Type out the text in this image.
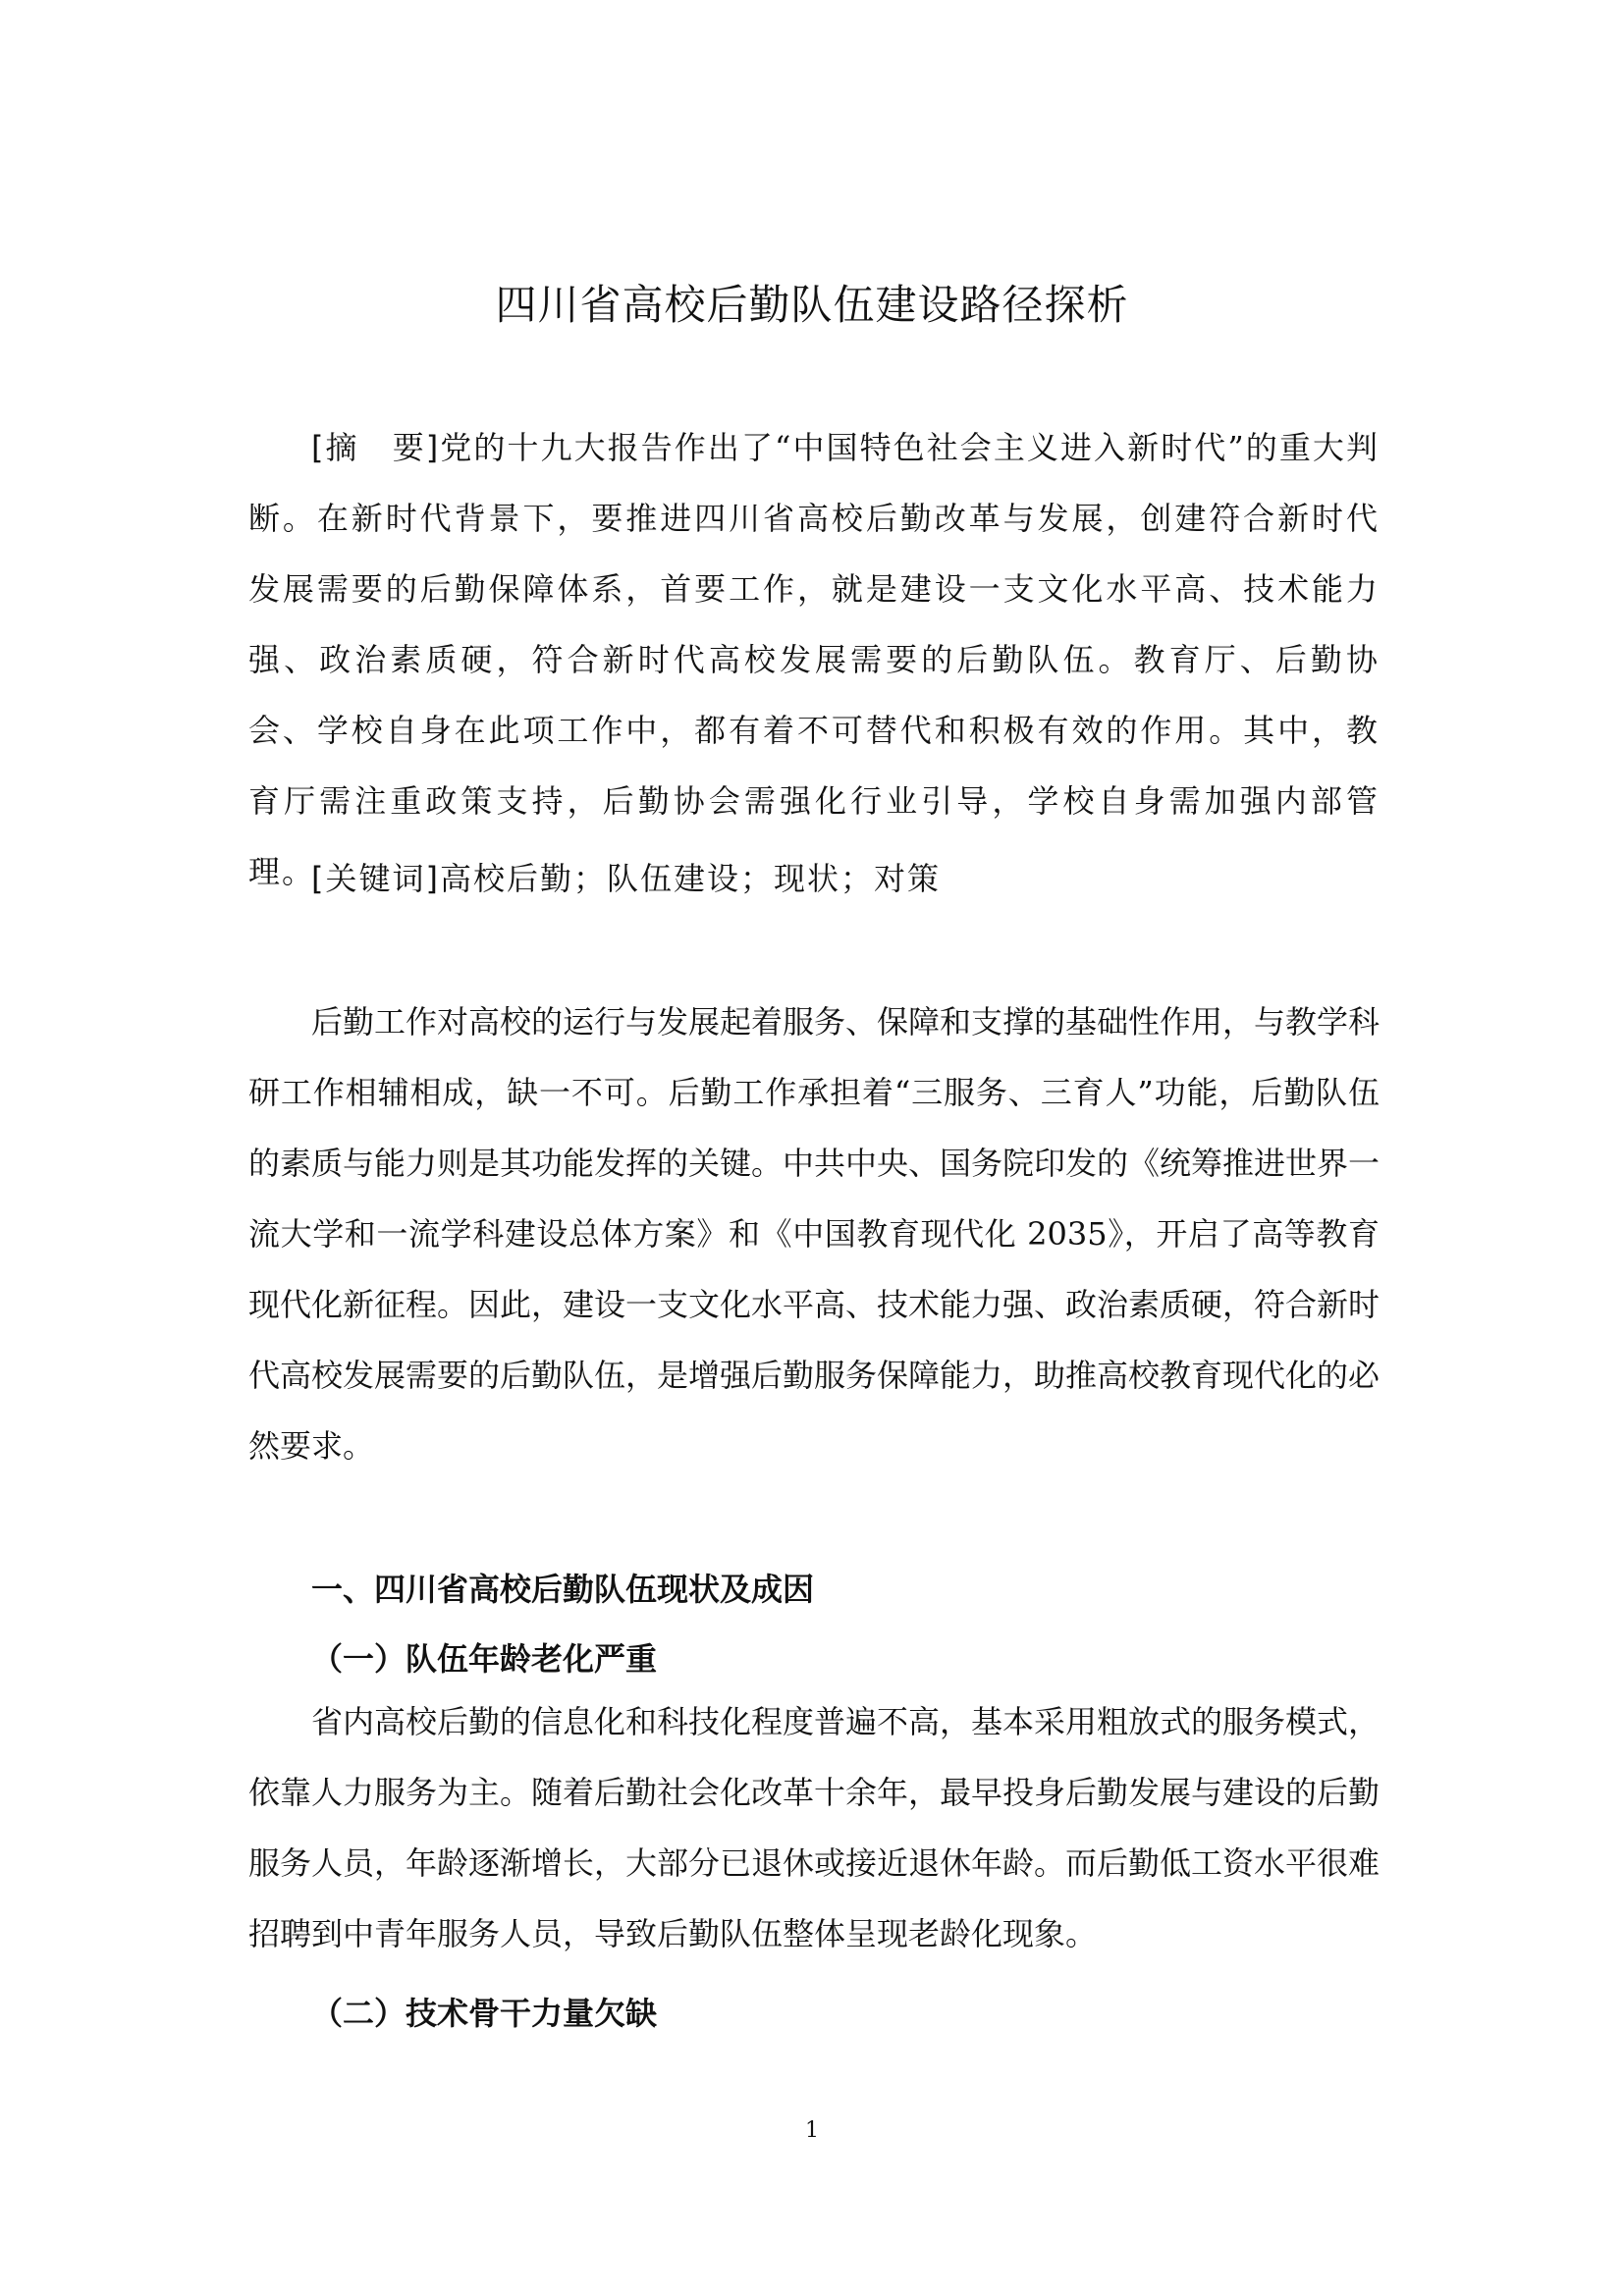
四川省高校后勤队伍建设路径探析

[摘　要]党的十九大报告作出了“中国特色社会主义进入新时代”的重大判断。在新时代背景下，要推进四川省高校后勤改革与发展，创建符合新时代发展需要的后勤保障体系，首要工作，就是建设一支文化水平高、技术能力强、政治素质硬，符合新时代高校发展需要的后勤队伍。教育厅、后勤协会、学校自身在此项工作中，都有着不可替代和积极有效的作用。其中，教育厅需注重政策支持，后勤协会需强化行业引导，学校自身需加强内部管理。

[关键词]高校后勤；队伍建设；现状；对策

后勤工作对高校的运行与发展起着服务、保障和支撑的基础性作用，与教学科研工作相辅相成，缺一不可。后勤工作承担着“三服务、三育人”功能，后勤队伍的素质与能力则是其功能发挥的关键。中共中央、国务院印发的《统筹推进世界一流大学和一流学科建设总体方案》和《中国教育现代化 2035》，开启了高等教育现代化新征程。因此，建设一支文化水平高、技术能力强、政治素质硬，符合新时代高校发展需要的后勤队伍，是增强后勤服务保障能力，助推高校教育现代化的必然要求。

一、四川省高校后勤队伍现状及成因
（一）队伍年龄老化严重

省内高校后勤的信息化和科技化程度普遍不高，基本采用粗放式的服务模式，依靠人力服务为主。随着后勤社会化改革十余年，最早投身后勤发展与建设的后勤服务人员，年龄逐渐增长，大部分已退休或接近退休年龄。而后勤低工资水平很难招聘到中青年服务人员，导致后勤队伍整体呈现老龄化现象。

（二）技术骨干力量欠缺
1
